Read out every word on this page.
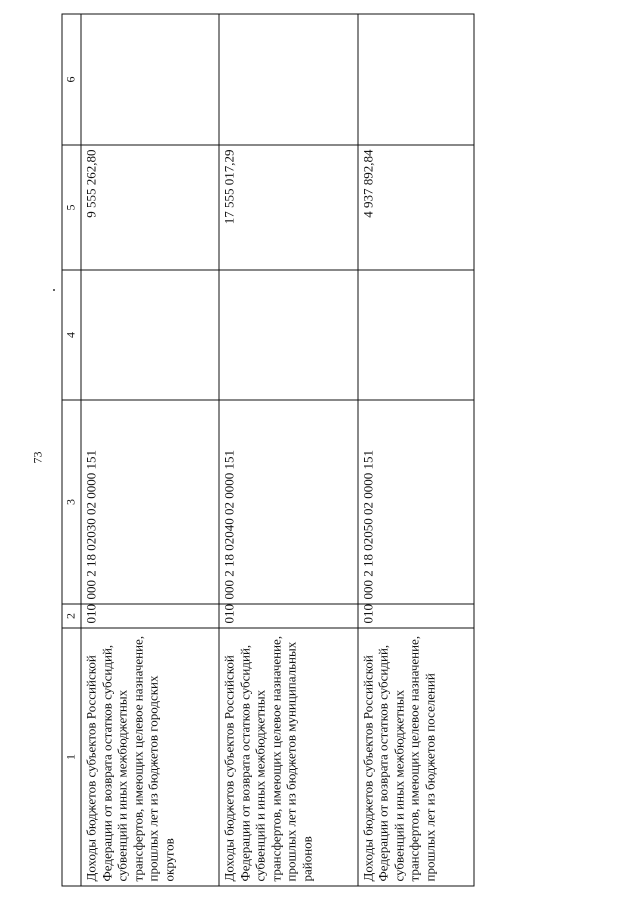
73
1	2	3	4	5	6
Доходы бюджетов субъектов Российской Федерации от возврата остатков субсидий, субвенций и иных межбюджетных трансфертов, имеющих целевое назначение, прошлых лет из бюджетов городских округов	010	000 2 18 02030 02 0000 151		9 555 262,80	
Доходы бюджетов субъектов Российской Федерации от возврата остатков субсидий, субвенций и иных межбюджетных трансфертов, имеющих целевое назначение, прошлых лет из бюджетов муниципальных районов	010	000 2 18 02040 02 0000 151		17 555 017,29	
Доходы бюджетов субъектов Российской Федерации от возврата остатков субсидий, субвенций и иных межбюджетных трансфертов, имеющих целевое назначение, прошлых лет из бюджетов поселений	010	000 2 18 02050 02 0000 151		4 937 892,84	
